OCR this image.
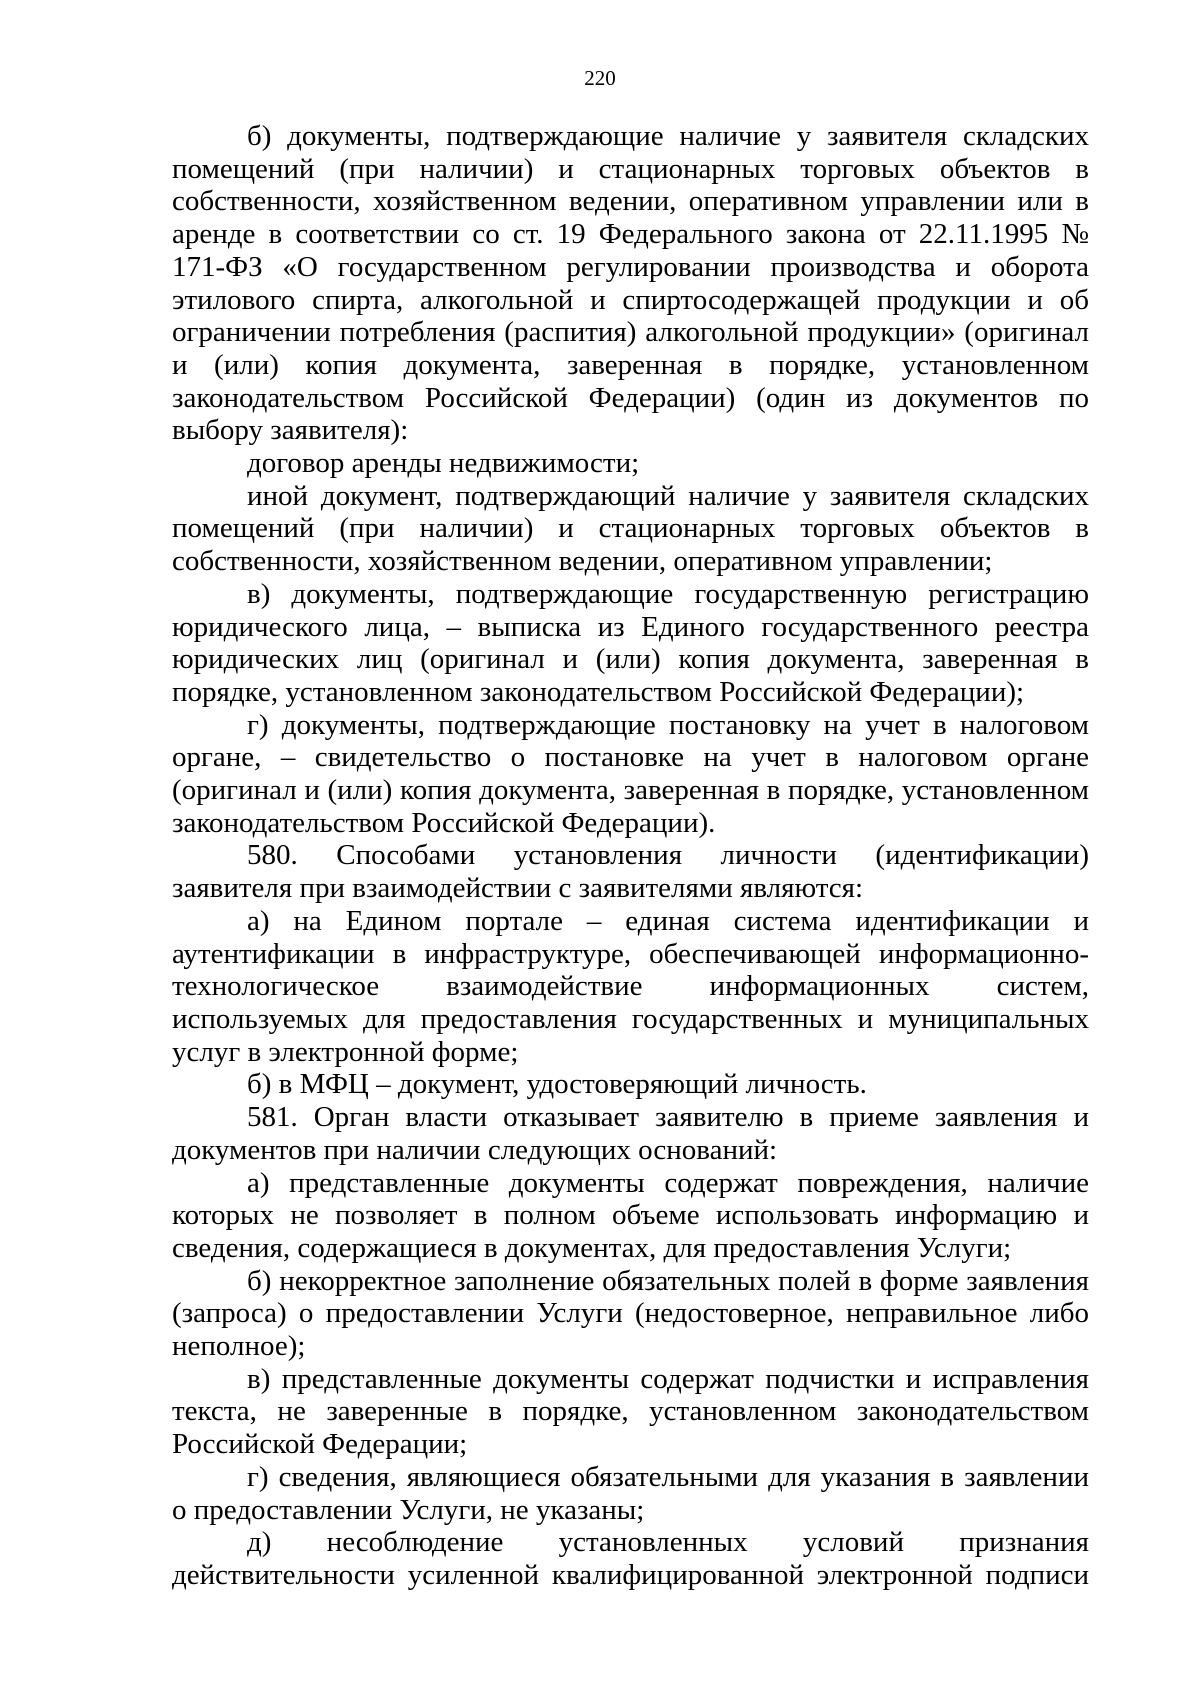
220

б) документы, подтверждающие наличие у заявителя складских помещений (при наличии) и стационарных торговых объектов в собственности, хозяйственном ведении, оперативном управлении или в аренде в соответствии со ст. 19 Федерального закона от 22.11.1995 № 171-ФЗ «О государственном регулировании производства и оборота этилового спирта, алкогольной и спиртосодержащей продукции и об ограничении потребления (распития) алкогольной продукции» (оригинал и (или) копия документа, заверенная в порядке, установленном законодательством Российской Федерации) (один из документов по выбору заявителя):

договор аренды недвижимости;

иной документ, подтверждающий наличие у заявителя складских помещений (при наличии) и стационарных торговых объектов в собственности, хозяйственном ведении, оперативном управлении;

в) документы, подтверждающие государственную регистрацию юридического лица, – выписка из Единого государственного реестра юридических лиц (оригинал и (или) копия документа, заверенная в порядке, установленном законодательством Российской Федерации);

г) документы, подтверждающие постановку на учет в налоговом органе, – свидетельство о постановке на учет в налоговом органе (оригинал и (или) копия документа, заверенная в порядке, установленном законодательством Российской Федерации).

580. Способами установления личности (идентификации) заявителя при взаимодействии с заявителями являются:

а) на Едином портале – единая система идентификации и аутентификации в инфраструктуре, обеспечивающей информационно-технологическое взаимодействие информационных систем, используемых для предоставления государственных и муниципальных услуг в электронной форме;

б) в МФЦ – документ, удостоверяющий личность.

581. Орган власти отказывает заявителю в приеме заявления и документов при наличии следующих оснований:

а) представленные документы содержат повреждения, наличие которых не позволяет в полном объеме использовать информацию и сведения, содержащиеся в документах, для предоставления Услуги;

б) некорректное заполнение обязательных полей в форме заявления (запроса) о предоставлении Услуги (недостоверное, неправильное либо неполное);

в) представленные документы содержат подчистки и исправления текста, не заверенные в порядке, установленном законодательством Российской Федерации;

г) сведения, являющиеся обязательными для указания в заявлении о предоставлении Услуги, не указаны;

д) несоблюдение установленных условий признания действительности усиленной квалифицированной электронной подписи
